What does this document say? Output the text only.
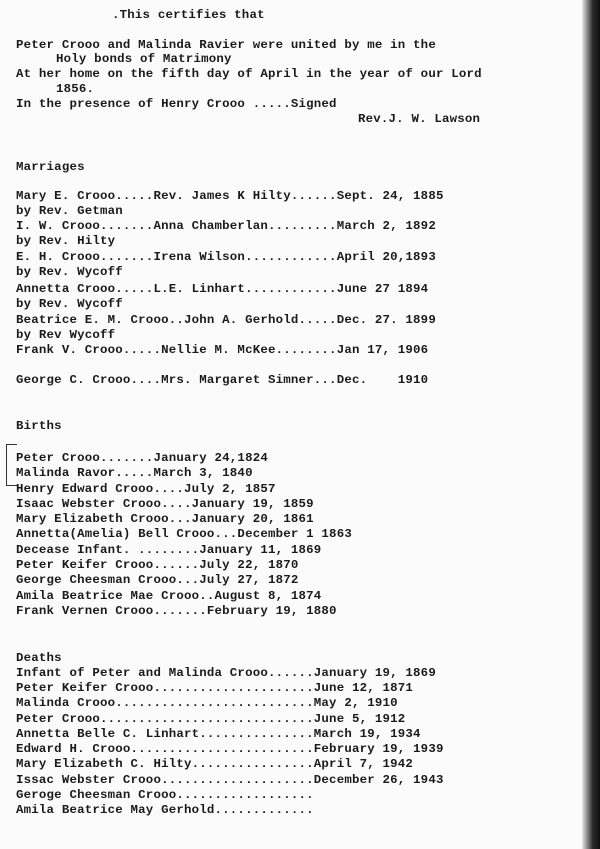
.This certifies that
Peter Crooo and Malinda Ravier were united by me in the
Holy bonds of Matrimony
At her home on the fifth day of April in the year of our Lord
1856.
In the presence of Henry Crooo .....Signed
Rev.J. W. Lawson
Marriages
Mary E. Crooo.....Rev. James K Hilty......Sept. 24, 1885
by Rev. Getman
I. W. Crooo.......Anna Chamberlan.........March 2, 1892
by Rev. Hilty
E. H. Crooo.......Irena Wilson............April 20,1893
by Rev. Wycoff
Annetta Crooo.....L.E. Linhart............June 27 1894
by Rev. Wycoff
Beatrice E. M. Crooo..John A. Gerhold.....Dec. 27. 1899
by Rev Wycoff
Frank V. Crooo.....Nellie M. McKee........Jan 17, 1906
George C. Crooo....Mrs. Margaret Simner...Dec.    1910
Births
Peter Crooo.......January 24,1824
Malinda Ravor.....March 3, 1840
Henry Edward Crooo....July 2, 1857
Isaac Webster Crooo....January 19, 1859
Mary Elizabeth Crooo...January 20, 1861
Annetta(Amelia) Bell Crooo...December 1 1863
Decease Infant. ........January 11, 1869
Peter Keifer Crooo......July 22, 1870
George Cheesman Crooo...July 27, 1872
Amila Beatrice Mae Crooo..August 8, 1874
Frank Vernen Crooo.......February 19, 1880
Deaths
Infant of Peter and Malinda Crooo......January 19, 1869
Peter Keifer Crooo.....................June 12, 1871
Malinda Crooo..........................May 2, 1910
Peter Crooo............................June 5, 1912
Annetta Belle C. Linhart...............March 19, 1934
Edward H. Crooo........................February 19, 1939
Mary Elizabeth C. Hilty................April 7, 1942
Issac Webster Crooo....................December 26, 1943
Geroge Cheesman Crooo..................
Amila Beatrice May Gerhold.............
